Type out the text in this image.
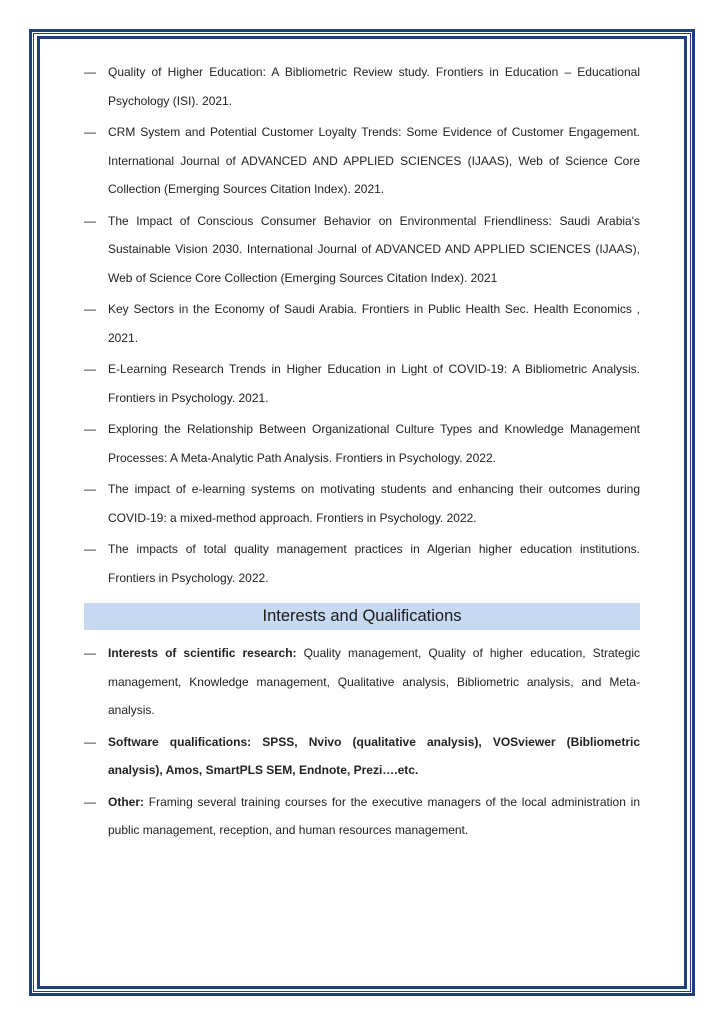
— Quality of Higher Education: A Bibliometric Review study. Frontiers in Education – Educational Psychology (ISI). 2021.
— CRM System and Potential Customer Loyalty Trends: Some Evidence of Customer Engagement. International Journal of ADVANCED AND APPLIED SCIENCES (IJAAS), Web of Science Core Collection (Emerging Sources Citation Index). 2021.
— The Impact of Conscious Consumer Behavior on Environmental Friendliness: Saudi Arabia's Sustainable Vision 2030. International Journal of ADVANCED AND APPLIED SCIENCES (IJAAS), Web of Science Core Collection (Emerging Sources Citation Index). 2021
— Key Sectors in the Economy of Saudi Arabia. Frontiers in Public Health Sec. Health Economics , 2021.
— E-Learning Research Trends in Higher Education in Light of COVID-19: A Bibliometric Analysis. Frontiers in Psychology. 2021.
— Exploring the Relationship Between Organizational Culture Types and Knowledge Management Processes: A Meta-Analytic Path Analysis. Frontiers in Psychology. 2022.
— The impact of e-learning systems on motivating students and enhancing their outcomes during COVID-19: a mixed-method approach. Frontiers in Psychology. 2022.
— The impacts of total quality management practices in Algerian higher education institutions. Frontiers in Psychology. 2022.
Interests and Qualifications
— Interests of scientific research: Quality management, Quality of higher education, Strategic management, Knowledge management, Qualitative analysis, Bibliometric analysis, and Meta-analysis.
— Software qualifications: SPSS, Nvivo (qualitative analysis), VOSviewer (Bibliometric analysis), Amos, SmartPLS SEM, Endnote, Prezi….etc.
— Other: Framing several training courses for the executive managers of the local administration in public management, reception, and human resources management.
